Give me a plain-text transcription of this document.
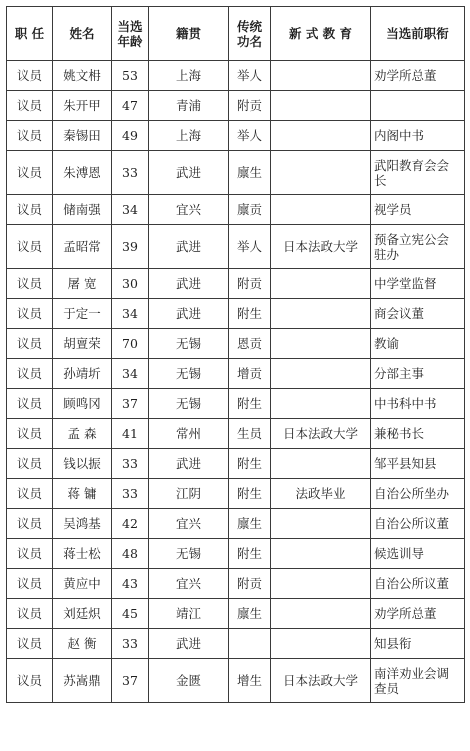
职 任	姓名	当选年龄	籍贯	传统功名	新 式 教 育	当选前职衔
议员	姚文枏	53	上海	举人		劝学所总董
议员	朱开甲	47	青浦	附贡		
议员	秦锡田	49	上海	举人		内阁中书
议员	朱溥恩	33	武进	廪生		武阳教育会会长
议员	储南强	34	宜兴	廪贡		视学员
议员	孟昭常	39	武进	举人	日本法政大学	预备立宪公会驻办
议员	屠 宽	30	武进	附贡		中学堂监督
议员	于定一	34	武进	附生		商会议董
议员	胡亶荣	70	无锡	恩贡		教谕
议员	孙靖圻	34	无锡	增贡		分部主事
议员	顾鸣冈	37	无锡	附生		中书科中书
议员	孟 森	41	常州	生员	日本法政大学	兼秘书长
议员	钱以振	33	武进	附生		邹平县知县
议员	蒋 镛	33	江阴	附生	法政毕业	自治公所坐办
议员	吴鸿基	42	宜兴	廪生		自治公所议董
议员	蒋士松	48	无锡	附生		候选训导
议员	黄应中	43	宜兴	附贡		自治公所议董
议员	刘廷炽	45	靖江	廪生		劝学所总董
议员	赵 衡	33	武进			知县衔
议员	苏嵩鼎	37	金匮	增生	日本法政大学	南洋劝业会调查员
